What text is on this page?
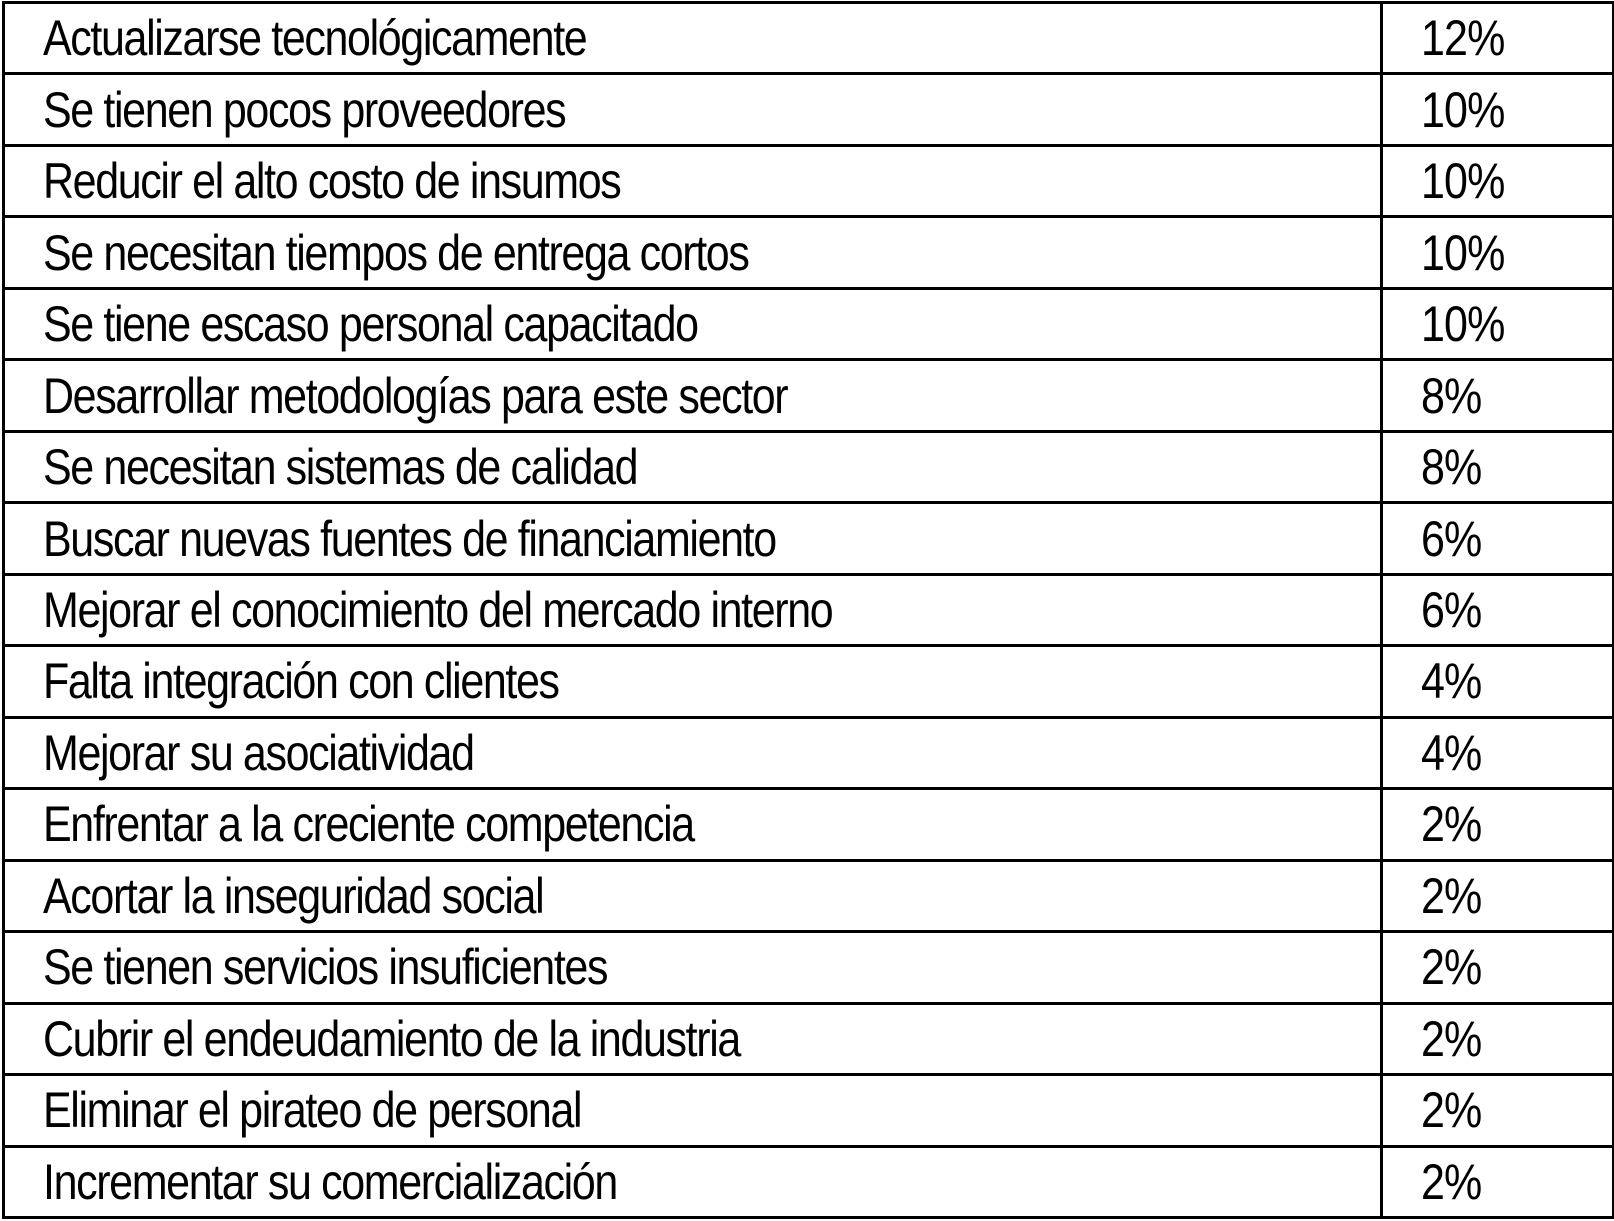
Actualizarse tecnológicamente	12%
Se tienen pocos proveedores	10%
Reducir el alto costo de insumos	10%
Se necesitan tiempos de entrega cortos	10%
Se tiene escaso personal capacitado	10%
Desarrollar metodologías para este sector	8%
Se necesitan sistemas de calidad	8%
Buscar nuevas fuentes de financiamiento	6%
Mejorar el conocimiento del mercado interno	6%
Falta integración con clientes	4%
Mejorar su asociatividad	4%
Enfrentar a la creciente competencia	2%
Acortar la inseguridad social	2%
Se tienen servicios insuficientes	2%
Cubrir el endeudamiento de la industria	2%
Eliminar el pirateo de personal	2%
Incrementar su comercialización	2%
